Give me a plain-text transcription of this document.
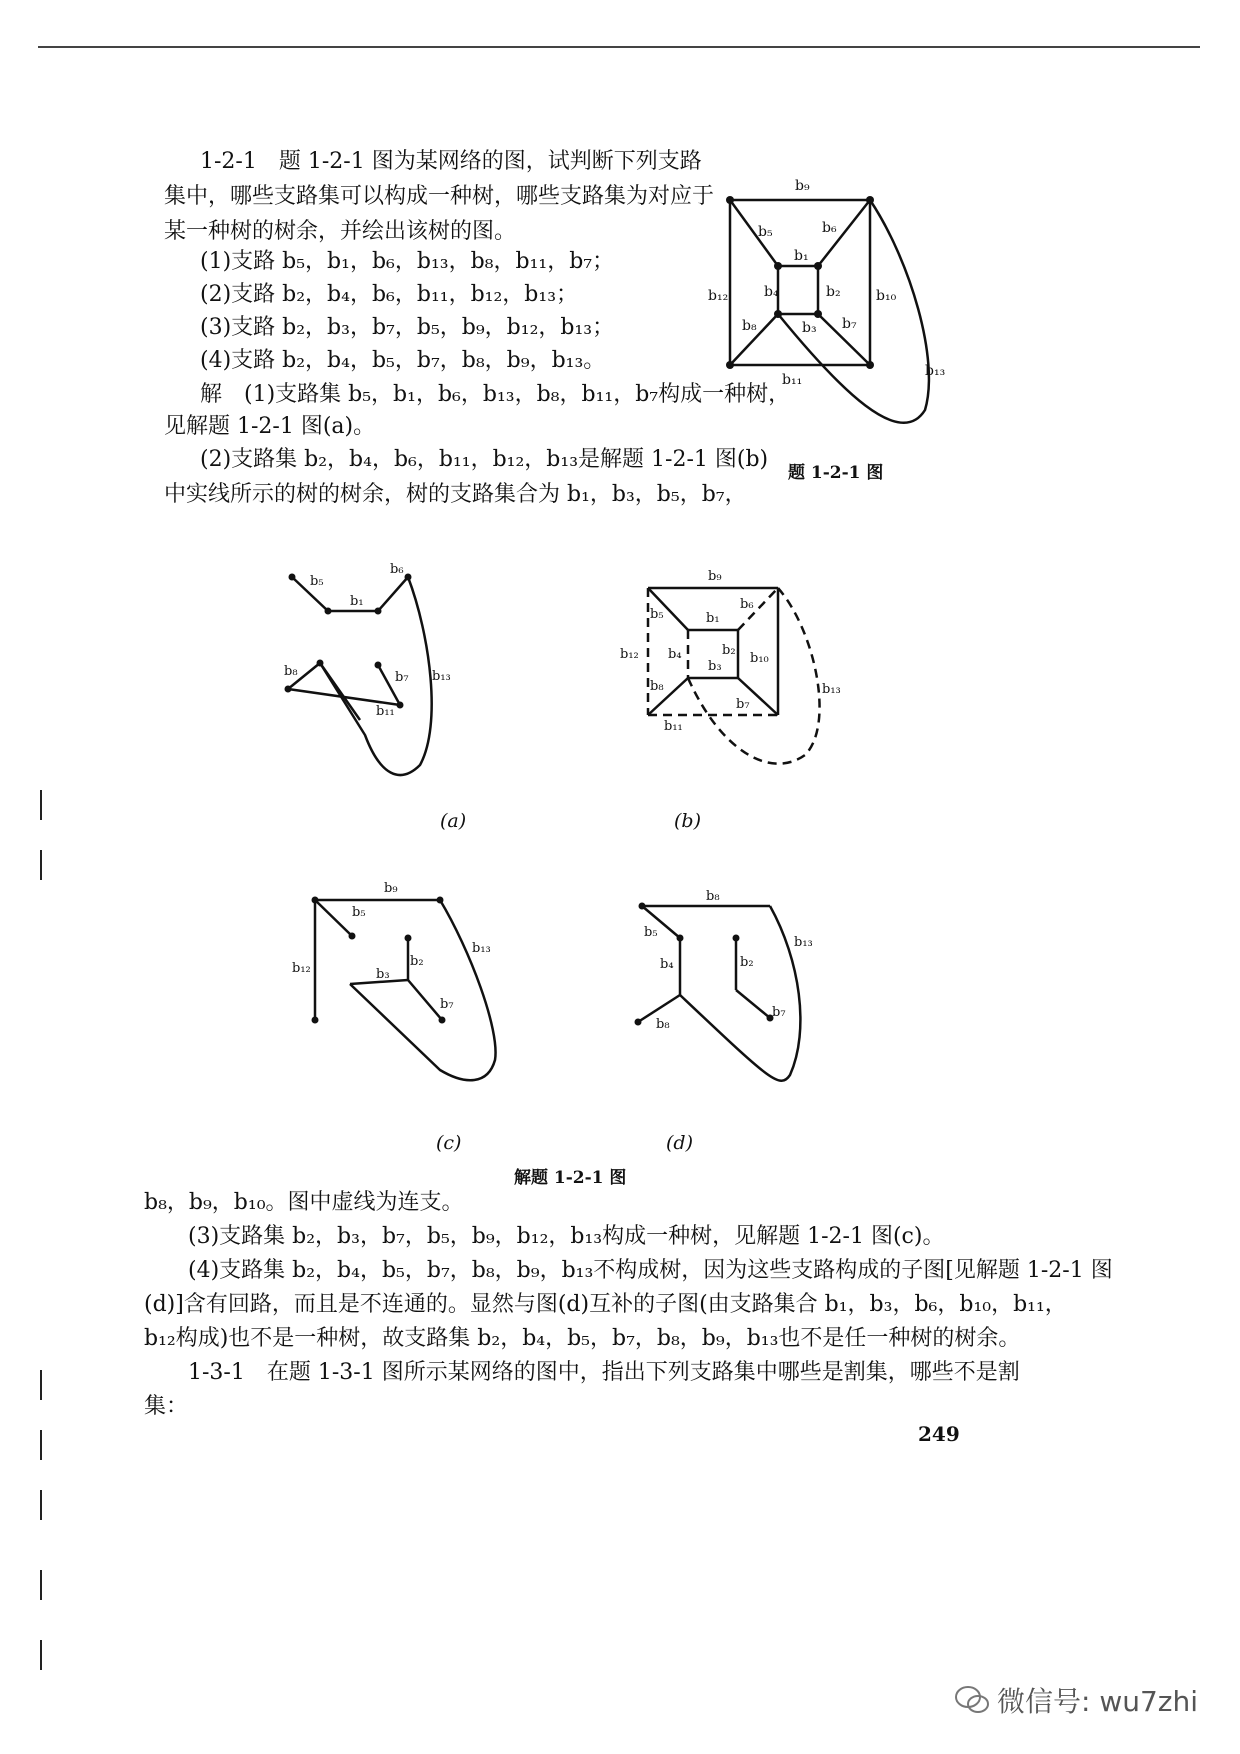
1-2-1　题 1-2-1 图为某网络的图，试判断下列支路
集中，哪些支路集可以构成一种树，哪些支路集为对应于
某一种树的树余，并绘出该树的图。
(1)支路 b₅，b₁，b₆，b₁₃，b₈，b₁₁，b₇；
(2)支路 b₂，b₄，b₆，b₁₁，b₁₂，b₁₃；
(3)支路 b₂，b₃，b₇，b₅，b₉，b₁₂，b₁₃；
(4)支路 b₂，b₄，b₅，b₇，b₈，b₉，b₁₃。
解　(1)支路集 b₅，b₁，b₆，b₁₃，b₈，b₁₁，b₇构成一种树，
见解题 1-2-1 图(a)。
(2)支路集 b₂，b₄，b₆，b₁₁，b₁₂，b₁₃是解题 1-2-1 图(b)
中实线所示的树的树余，树的支路集合为 b₁，b₃，b₅，b₇，
b₉
b₅	b₆
b₁
b₄	b₂
b₁₂	b₁₀
b₈	b₃ b₇
b₁₁
b₁₃
题 1-2-1 图
b₅
b₁
b₆
b₈	b₇
b₁₁
b₁₃
(a)
b₉
b₅
b₆
b₁
b₄	b₂
b₁₂	b₁₀
b₃
b₈
b₇
b₁₁
b₁₃
(b)
b₉
b₅
b₁₂	b₂
b₃
b₇
b₁₃
(c)
b₈
b₅
b₄
b₈
b₂
b₇
b₁₃
(d)
解题 1-2-1 图
b₈，b₉，b₁₀。图中虚线为连支。
(3)支路集 b₂，b₃，b₇，b₅，b₉，b₁₂，b₁₃构成一种树，见解题 1-2-1 图(c)。
(4)支路集 b₂，b₄，b₅，b₇，b₈，b₉，b₁₃不构成树，因为这些支路构成的子图[见解题 1-2-1 图
(d)]含有回路，而且是不连通的。显然与图(d)互补的子图(由支路集合 b₁，b₃，b₆，b₁₀，b₁₁，
b₁₂构成)也不是一种树，故支路集 b₂，b₄，b₅，b₇，b₈，b₉，b₁₃也不是任一种树的树余。
1-3-1　在题 1-3-1 图所示某网络的图中，指出下列支路集中哪些是割集，哪些不是割
集：
249
微信号: wu7zhi
